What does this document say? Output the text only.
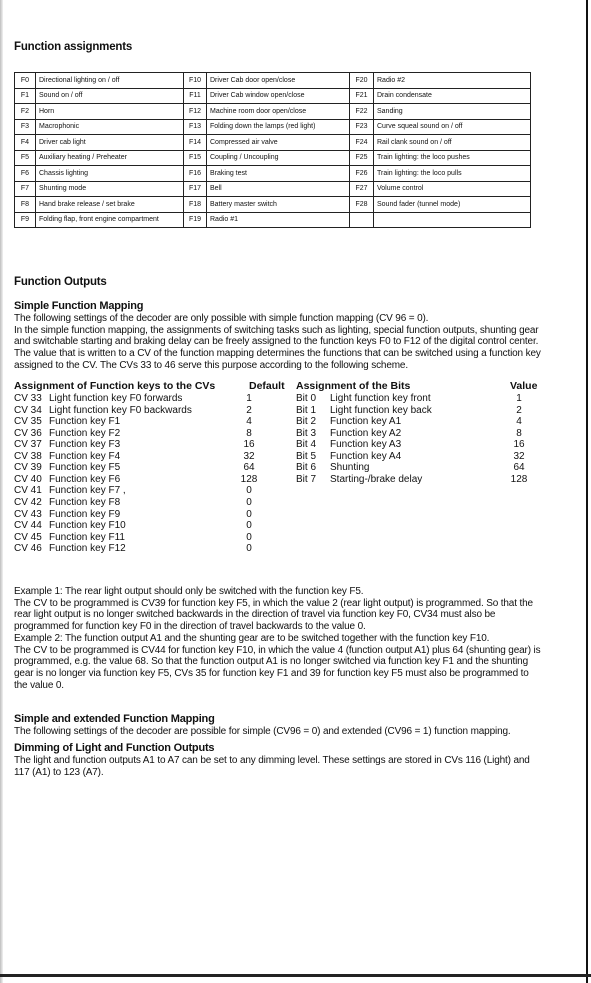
Function assignments
F0	Directional lighting on / off	F10	Driver Cab door open/close	F20	Radio #2
F1	Sound on / off	F11	Driver Cab window open/close	F21	Drain condensate
F2	Horn	F12	Machine room door open/close	F22	Sanding
F3	Macrophonic	F13	Folding down the lamps (red light)	F23	Curve squeal sound on / off
F4	Driver cab light	F14	Compressed air valve	F24	Rail clank sound on / off
F5	Auxiliary heating / Preheater	F15	Coupling / Uncoupling	F25	Train lighting: the loco pushes
F6	Chassis lighting	F16	Braking test	F26	Train lighting: the loco pulls
F7	Shunting mode	F17	Bell	F27	Volume control
F8	Hand brake release / set brake	F18	Battery master switch	F28	Sound fader (tunnel mode)
F9	Folding flap, front engine compartment	F19	Radio #1		
Function Outputs
Simple Function Mapping

The following settings of the decoder are only possible with simple function mapping (CV 96 = 0).

In the simple function mapping, the assignments of switching tasks such as lighting, special function outputs, shunting gear and switchable starting and braking delay can be freely assigned to the function keys F0 to F12 of the digital control center.

The value that is written to a CV of the function mapping determines the functions that can be switched using a function key assigned to the CV. The CVs 33 to 46 serve this purpose according to the following scheme.

Assignment of Function keys to the CVs	Default Assignment of the Bits	Value
CV 33 Light function key F0 forwards	1	Bit 0 Light function key front	1
CV 34 Light function key F0 backwards	2	Bit 1 Light function key back	2
CV 35 Function key F1	4	Bit 2 Function key A1	4
CV 36 Function key F2	8	Bit 3 Function key A2	8
CV 37 Function key F3	16	Bit 4 Function key A3	16
CV 38 Function key F4	32	Bit 5 Function key A4	32
CV 39 Function key F5	64	Bit 6 Shunting	64
CV 40 Function key F6	128	Bit 7 Starting-/brake delay	128
CV 41 Function key F7 ,	0
CV 42 Function key F8	0
CV 43 Function key F9	0
CV 44 Function key F10	0
CV 45 Function key F11	0
CV 46 Function key F12	0

Example 1: The rear light output should only be switched with the function key F5.

The CV to be programmed is CV39 for function key F5, in which the value 2 (rear light output) is programmed. So that the rear light output is no longer switched backwards in the direction of travel via function key F0, CV34 must also be programmed for function key F0 in the direction of travel backwards to the value 0.

Example 2: The function output A1 and the shunting gear are to be switched together with the function key F10.

The CV to be programmed is CV44 for function key F10, in which the value 4 (function output A1) plus 64 (shunting gear) is programmed, e.g. the value 68. So that the function output A1 is no longer switched via function key F1 and the shunting gear is no longer via function key F5, CVs 35 for function key F1 and 39 for function key F5 must also be programmed to the value 0.

Simple and extended Function Mapping
The following settings of the decoder are possible for simple (CV96 = 0) and extended (CV96 = 1) function mapping.
Dimming of Light and Function Outputs
The light and function outputs A1 to A7 can be set to any dimming level. These settings are stored in CVs 116 (Light) and 117 (A1) to 123 (A7).
